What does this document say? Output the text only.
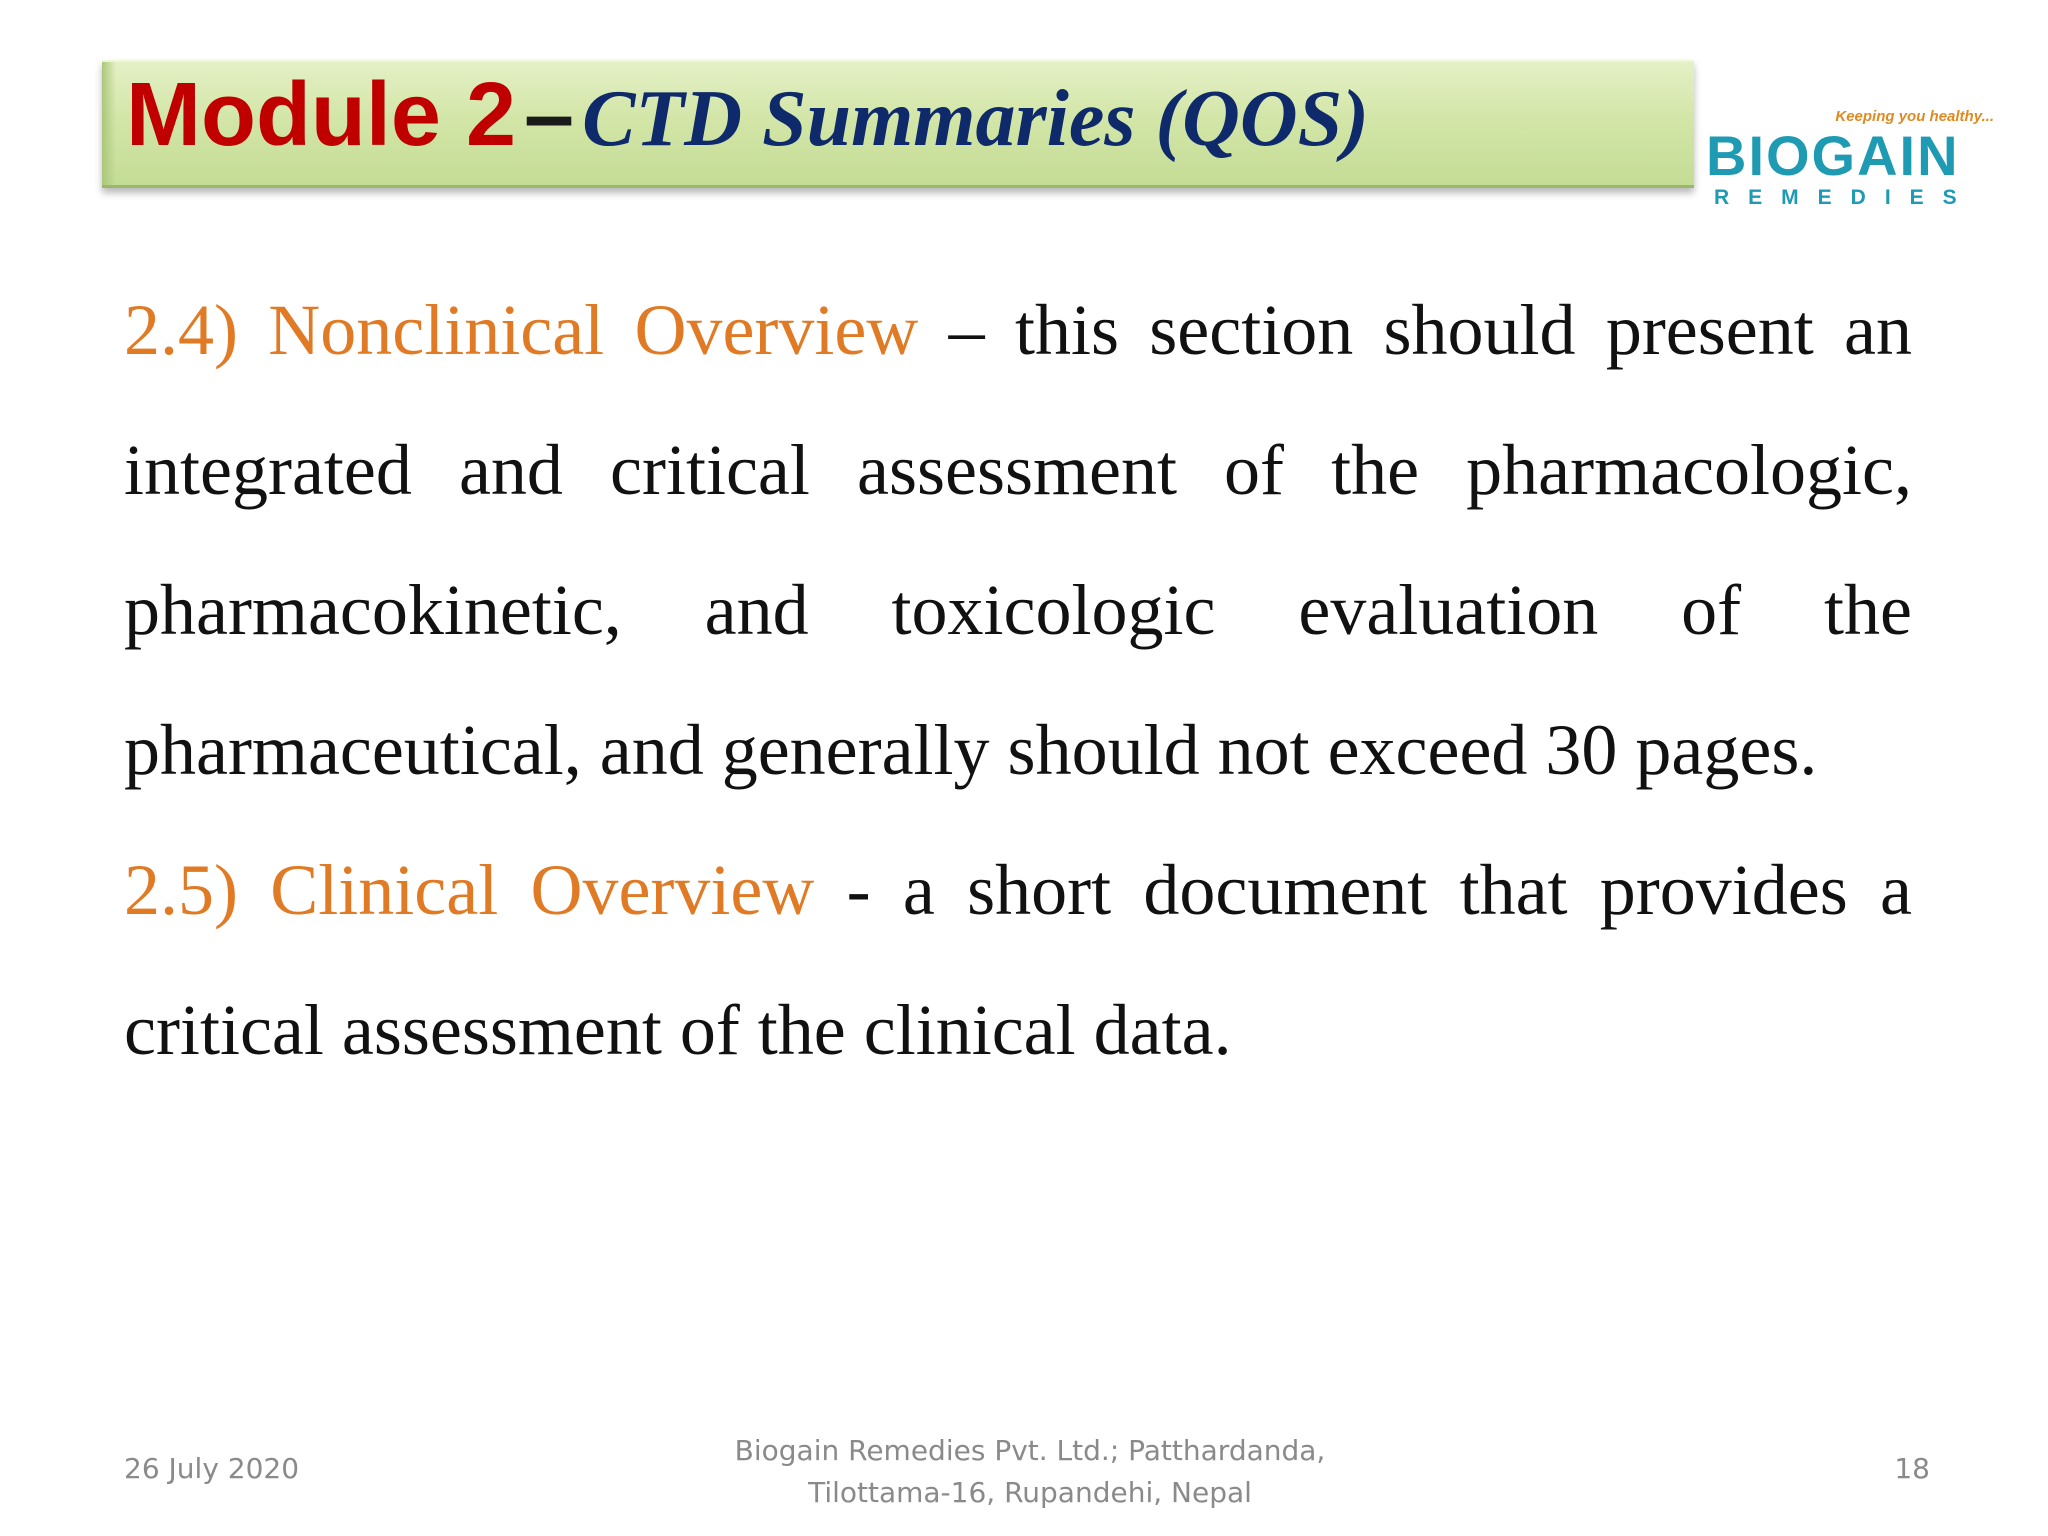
Module 2– CTD Summaries (QOS)	Keeping you healthy...
BIOGAIN
REMEDIES

2.4) Nonclinical Overview – this section should present an integrated and critical assessment of the pharmacologic, pharmacokinetic, and toxicologic evaluation of the pharmaceutical, and generally should not exceed 30 pages.

2.5) Clinical Overview - a short document that provides a critical assessment of the clinical data.

26 July 2020
Biogain Remedies Pvt. Ltd.; Patthardanda,
Tilottama-16, Rupandehi, Nepal
18
